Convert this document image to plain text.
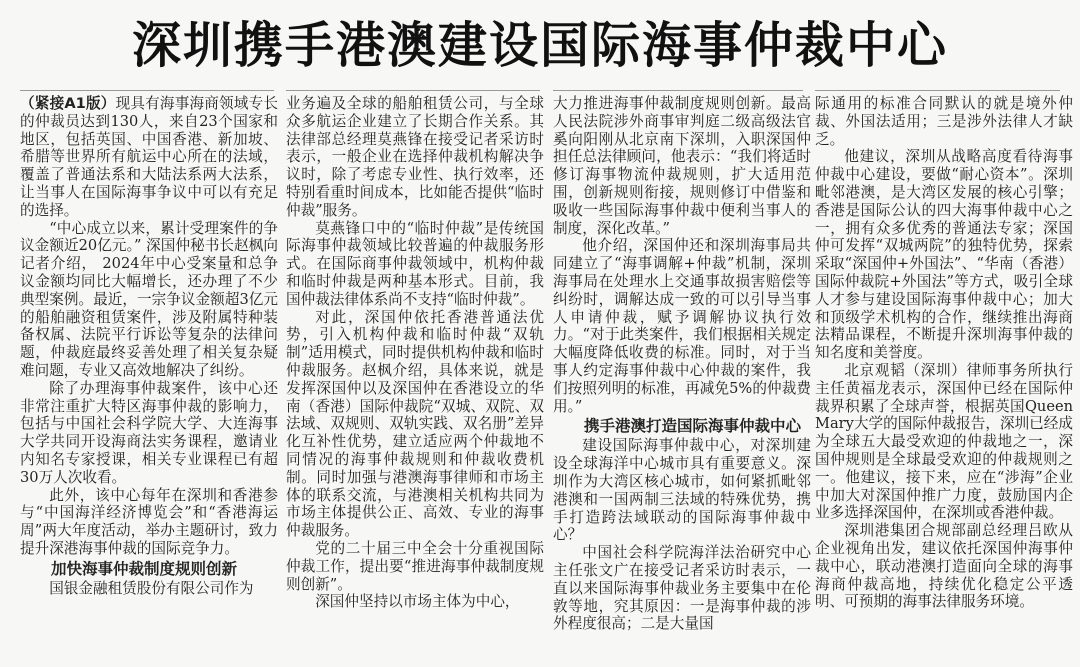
深圳携手港澳建设国际海事仲裁中心

（紧接A1版）现具有海事海商领域专长的仲裁员达到130人，来自23个国家和地区，包括英国、中国香港、新加坡、希腊等世界所有航运中心所在的法域，覆盖了普通法系和大陆法系两大法系，让当事人在国际海事争议中可以有充足的选择。

“中心成立以来，累计受理案件的争议金额近20亿元。” 深国仲秘书长赵枫向记者介绍， 2024年中心受案量和总争议金额均同比大幅增长，还办理了不少典型案例。最近，一宗争议金额超3亿元的船舶融资租赁案件，涉及附属特种装备权属、法院平行诉讼等复杂的法律问题，仲裁庭最终妥善处理了相关复杂疑难问题，专业又高效地解决了纠纷。

除了办理海事仲裁案件，该中心还非常注重扩大特区海事仲裁的影响力，包括与中国社会科学院大学、大连海事大学共同开设海商法实务课程，邀请业内知名专家授课，相关专业课程已有超30万人次收看。

此外，该中心每年在深圳和香港参与“中国海洋经济博览会”和“香港海运周”两大年度活动，举办主题研讨，致力提升深港海事仲裁的国际竞争力。

加快海事仲裁制度规则创新

国银金融租赁股份有限公司作为

业务遍及全球的船舶租赁公司，与全球众多航运企业建立了长期合作关系。其法律部总经理莫燕锋在接受记者采访时表示，一般企业在选择仲裁机构解决争议时，除了考虑专业性、执行效率，还特别看重时间成本，比如能否提供“临时仲裁”服务。

莫燕锋口中的“临时仲裁”是传统国际海事仲裁领域比较普遍的仲裁服务形式。在国际商事仲裁领域中，机构仲裁和临时仲裁是两种基本形式。目前，我国仲裁法律体系尚不支持“临时仲裁”。

对此，深国仲依托香港普通法优势，引入机构仲裁和临时仲裁“双轨制”适用模式，同时提供机构仲裁和临时仲裁服务。赵枫介绍，具体来说，就是发挥深国仲以及深国仲在香港设立的华南（香港）国际仲裁院“双城、双院、双法域、双规则、双轨实践、双名册”差异化互补性优势，建立适应两个仲裁地不同情况的海事仲裁规则和仲裁收费机制。同时加强与港澳海事律师和市场主体的联系交流，与港澳相关机构共同为市场主体提供公正、高效、专业的海事仲裁服务。

党的二十届三中全会十分重视国际仲裁工作，提出要“推进海事仲裁制度规则创新”。

深国仲坚持以市场主体为中心，

大力推进海事仲裁制度规则创新。最高人民法院涉外商事审判庭二级高级法官奚向阳刚从北京南下深圳，入职深国仲担任总法律顾问，他表示：“我们将适时修订海事物流仲裁规则，扩大适用范围，创新规则衔接，规则修订中借鉴和吸收一些国际海事仲裁中便利当事人的制度，深化改革。”

他介绍，深国仲还和深圳海事局共同建立了“海事调解+仲裁”机制，深圳海事局在处理水上交通事故损害赔偿等纠纷时，调解达成一致的可以引导当事人申请仲裁，赋予调解协议执行效力。“对于此类案件，我们根据相关规定大幅度降低收费的标准。同时，对于当事人约定海事仲裁中心仲裁的案件，我们按照列明的标准，再减免5%的仲裁费用。”

携手港澳打造国际海事仲裁中心

建设国际海事仲裁中心，对深圳建设全球海洋中心城市具有重要意义。深圳作为大湾区核心城市，如何紧抓毗邻港澳和一国两制三法域的特殊优势，携手打造跨法域联动的国际海事仲裁中心？

中国社会科学院海洋法治研究中心主任张文广在接受记者采访时表示，一直以来国际海事仲裁业务主要集中在伦敦等地，究其原因：一是海事仲裁的涉外程度很高；二是大量国

际通用的标准合同默认的就是境外仲裁、外国法适用；三是涉外法律人才缺乏。

他建议，深圳从战略高度看待海事仲裁中心建设，要做“耐心资本”。深圳毗邻港澳，是大湾区发展的核心引擎；香港是国际公认的四大海事仲裁中心之一，拥有众多优秀的普通法专家；深国仲可发挥“双城两院”的独特优势，探索采取“深国仲+外国法”、“华南（香港）国际仲裁院+外国法”等方式，吸引全球人才参与建设国际海事仲裁中心；加大和顶级学术机构的合作，继续推出海商法精品课程，不断提升深圳海事仲裁的知名度和美誉度。

北京观韬（深圳）律师事务所执行主任黄福龙表示，深国仲已经在国际仲裁界积累了全球声誉，根据英国Queen Mary大学的国际仲裁报告，深圳已经成为全球五大最受欢迎的仲裁地之一，深国仲规则是全球最受欢迎的仲裁规则之一。他建议，接下来，应在“涉海”企业中加大对深国仲推广力度，鼓励国内企业多选择深国仲，在深圳或香港仲裁。

深圳港集团合规部副总经理吕欧从企业视角出发，建议依托深国仲海事仲裁中心，联动港澳打造面向全球的海事海商仲裁高地，持续优化稳定公平透明、可预期的海事法律服务环境。
